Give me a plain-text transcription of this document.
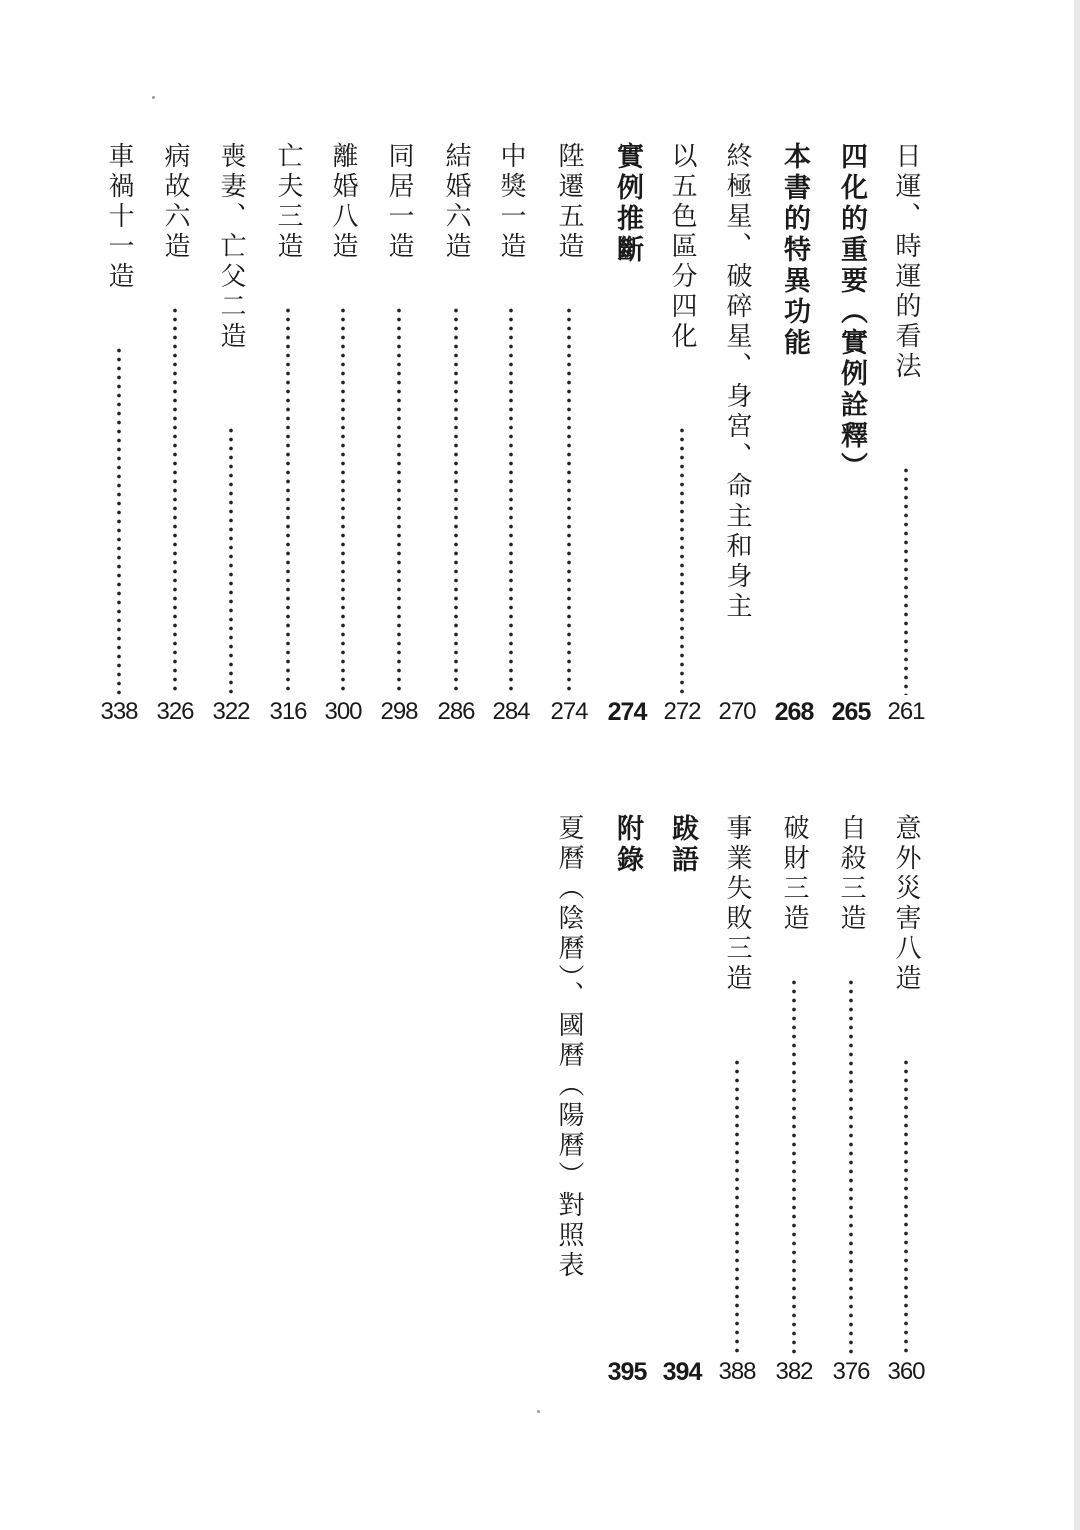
日運、時運的看法
261
四化的重要（實例詮釋）
265
本書的特異功能
268
終極星、破碎星、身宮、命主和身主
270
以五色區分四化
272
實例推斷
274
陞遷五造
274
中獎一造
284
結婚六造
286
同居一造
298
離婚八造
300
亡夫三造
316
喪妻、亡父二造
322
病故六造
326
車禍十一造
338
意外災害八造
360
自殺三造
376
破財三造
382
事業失敗三造
388
跋語
394
附錄
395
夏曆（陰曆）、國曆（陽曆）對照表
